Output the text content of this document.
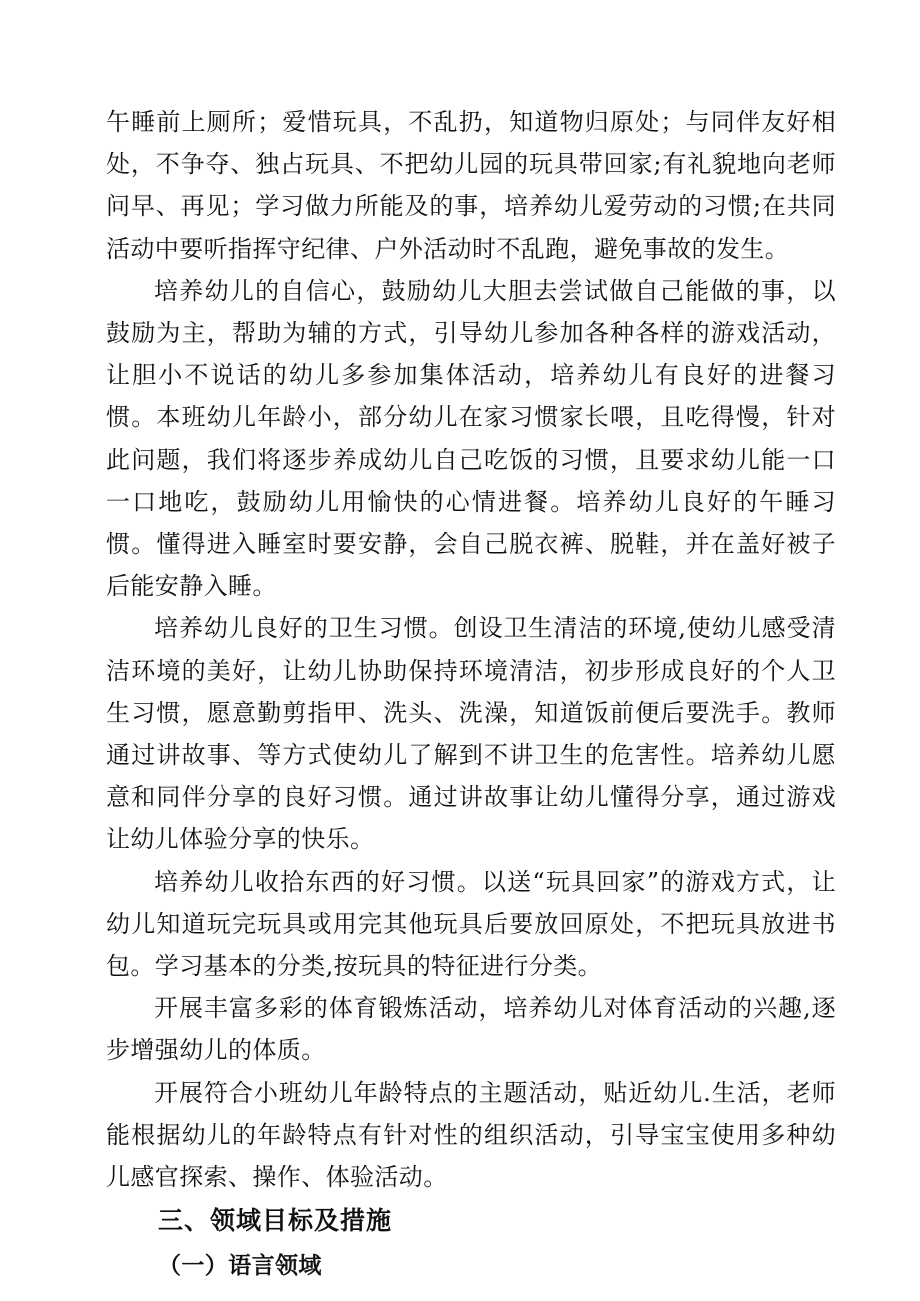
午睡前上厕所；爱惜玩具，不乱扔，知道物归原处；与同伴友好相处，不争夺、独占玩具、不把幼儿园的玩具带回家;有礼貌地向老师问早、再见；学习做力所能及的事，培养幼儿爱劳动的习惯;在共同活动中要听指挥守纪律、户外活动时不乱跑，避免事故的发生。

培养幼儿的自信心，鼓励幼儿大胆去尝试做自己能做的事，以鼓励为主，帮助为辅的方式，引导幼儿参加各种各样的游戏活动，让胆小不说话的幼儿多参加集体活动，培养幼儿有良好的进餐习惯。本班幼儿年龄小，部分幼儿在家习惯家长喂，且吃得慢，针对此问题，我们将逐步养成幼儿自己吃饭的习惯，且要求幼儿能一口一口地吃，鼓励幼儿用愉快的心情进餐。培养幼儿良好的午睡习惯。懂得进入睡室时要安静，会自己脱衣裤、脱鞋，并在盖好被子后能安静入睡。

培养幼儿良好的卫生习惯。创设卫生清洁的环境,使幼儿感受清洁环境的美好，让幼儿协助保持环境清洁，初步形成良好的个人卫生习惯，愿意勤剪指甲、洗头、洗澡，知道饭前便后要洗手。教师通过讲故事、等方式使幼儿了解到不讲卫生的危害性。培养幼儿愿意和同伴分享的良好习惯。通过讲故事让幼儿懂得分享，通过游戏让幼儿体验分享的快乐。

培养幼儿收拾东西的好习惯。以送“玩具回家”的游戏方式，让幼儿知道玩完玩具或用完其他玩具后要放回原处，不把玩具放进书包。学习基本的分类,按玩具的特征进行分类。

开展丰富多彩的体育锻炼活动，培养幼儿对体育活动的兴趣,逐步增强幼儿的体质。

开展符合小班幼儿年龄特点的主题活动，贴近幼儿.生活，老师能根据幼儿的年龄特点有针对性的组织活动，引导宝宝使用多种幼儿感官探索、操作、体验活动。

三、领域目标及措施
（一）语言领域
